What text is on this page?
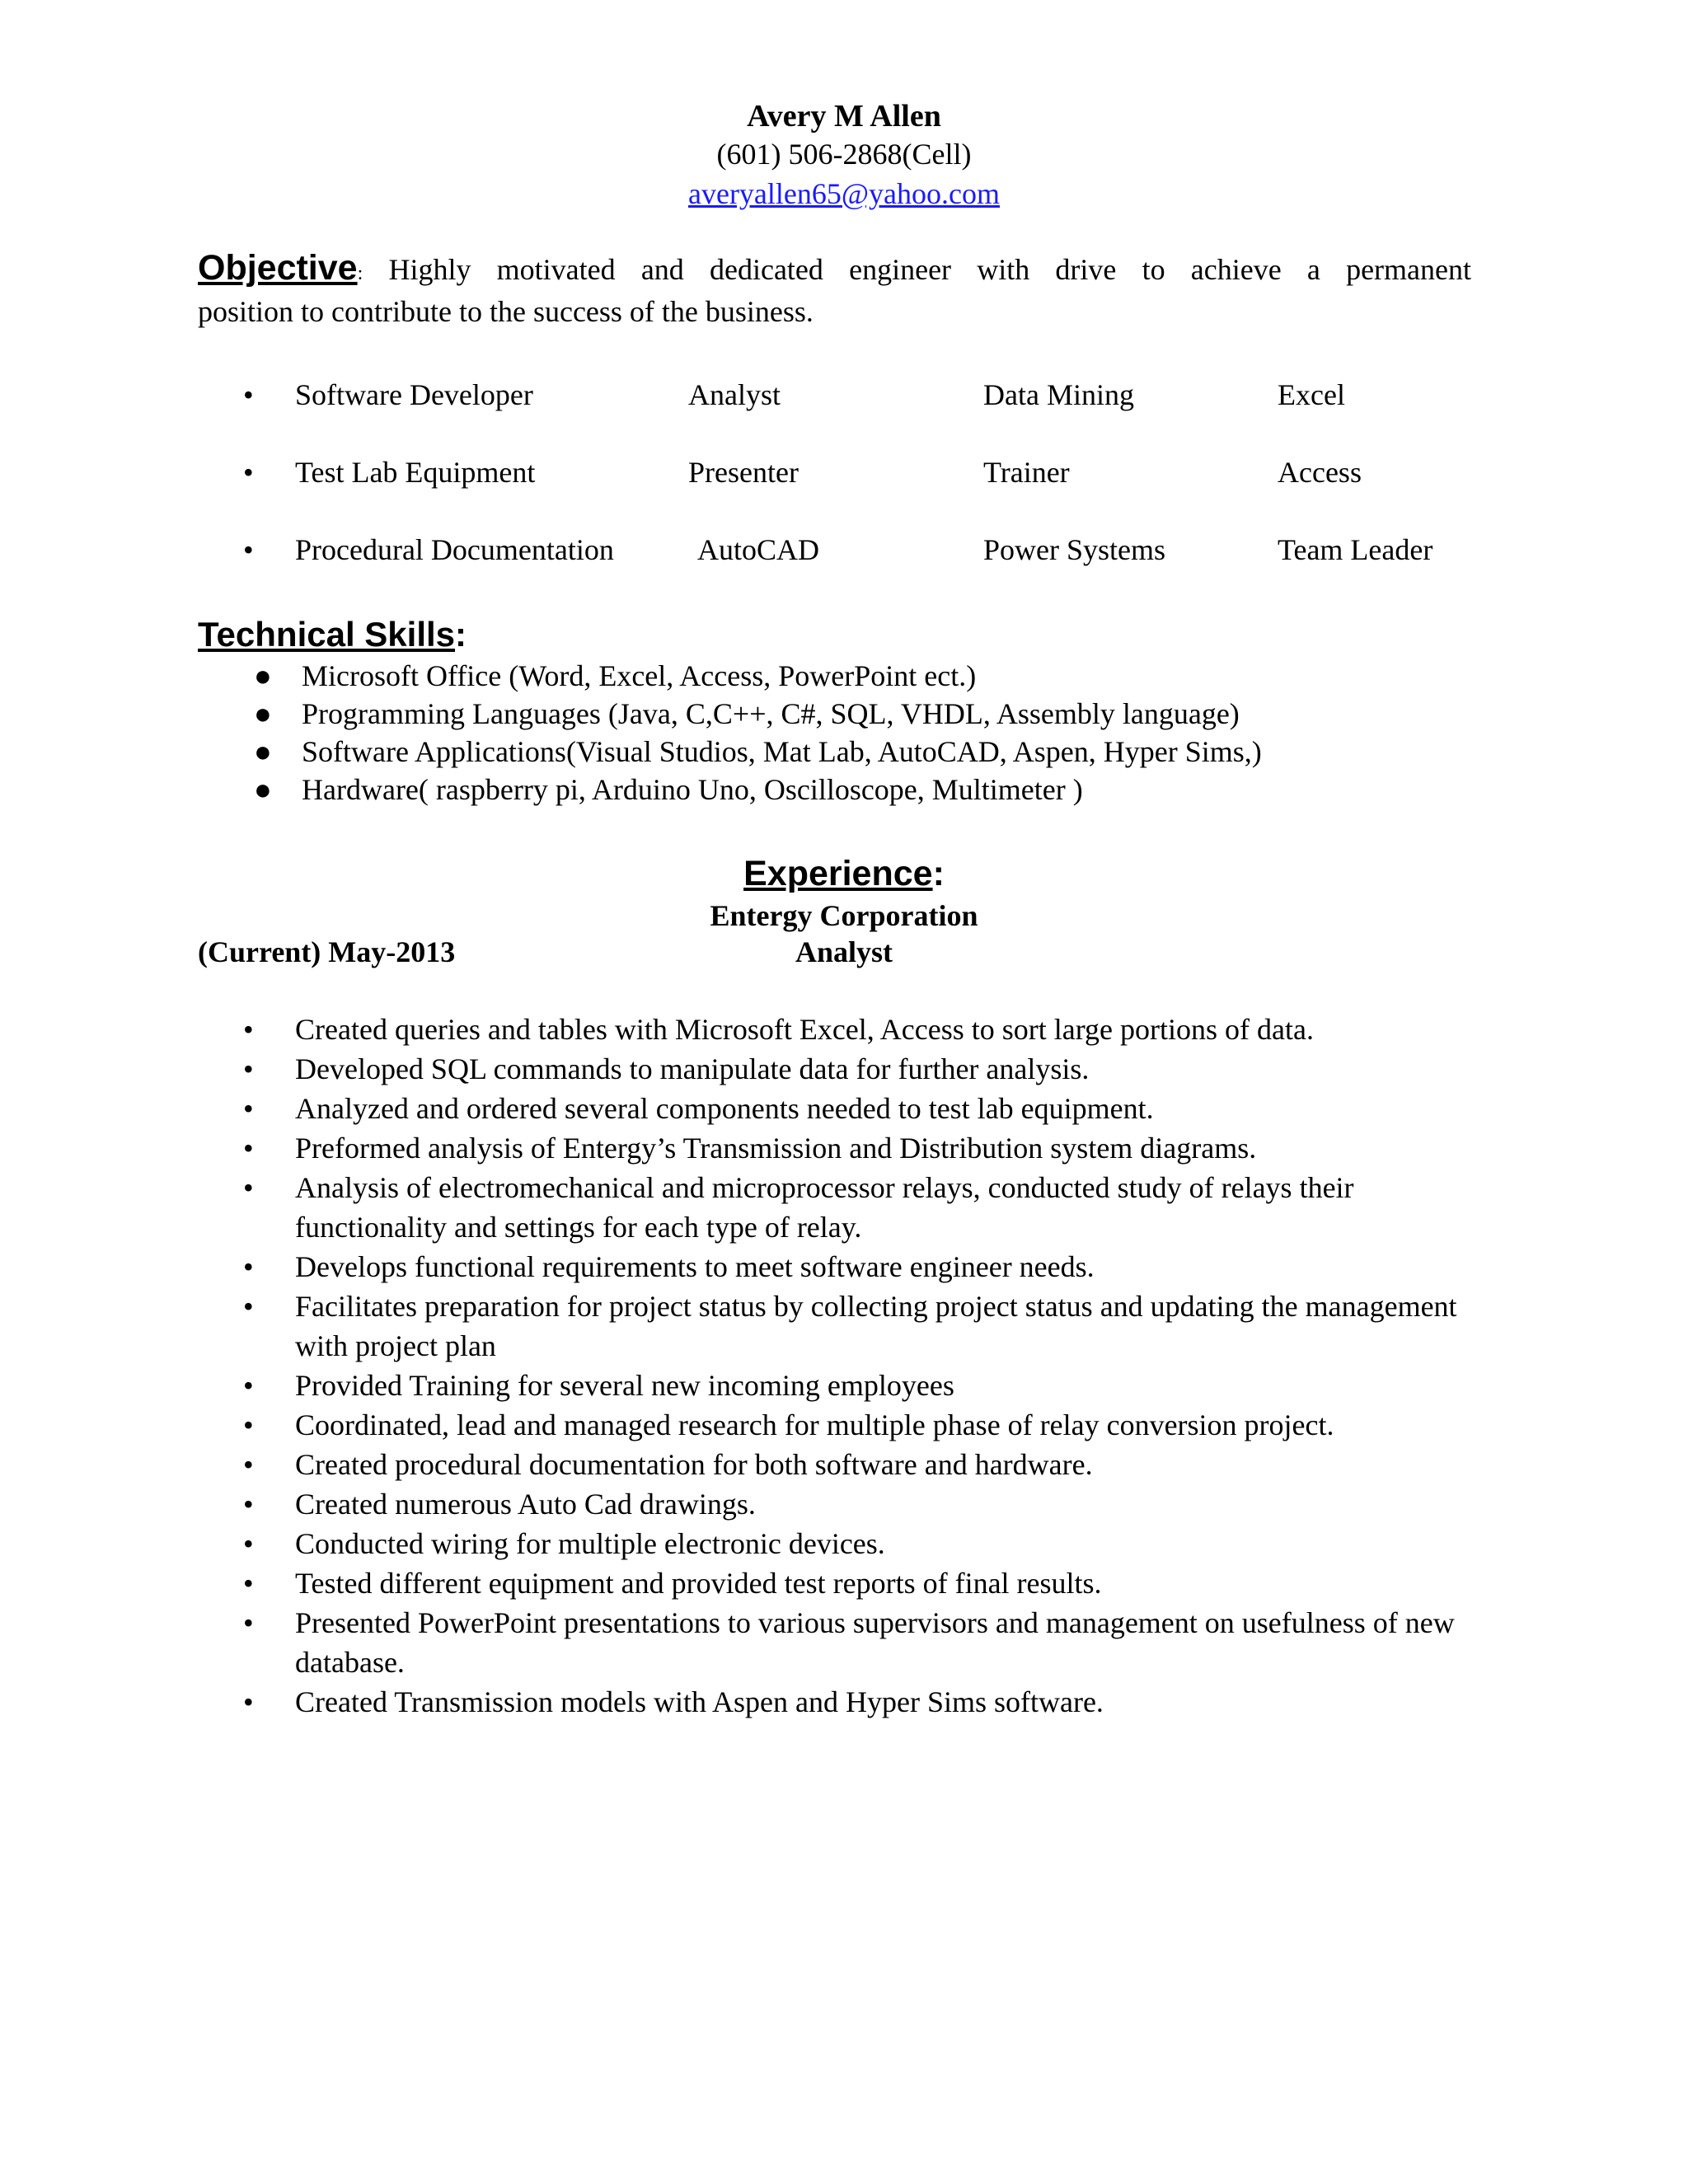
Avery M Allen
(601) 506-2868(Cell)
averyallen65@yahoo.com
Objective: Highly motivated and dedicated engineer with drive to achieve a permanent
position to contribute to the success of the business.
• Software Developer	Analyst	Data Mining	Excel
• Test Lab Equipment	Presenter	Trainer	Access
• Procedural Documentation	AutoCAD	Power Systems	Team Leader
Technical Skills:
● Microsoft Office (Word, Excel, Access, PowerPoint ect.)
● Programming Languages (Java, C,C++, C#, SQL, VHDL, Assembly language)
● Software Applications(Visual Studios, Mat Lab, AutoCAD, Aspen, Hyper Sims,)
● Hardware( raspberry pi, Arduino Uno, Oscilloscope, Multimeter )
Experience:
Entergy Corporation
(Current) May-2013	Analyst
• Created queries and tables with Microsoft Excel, Access to sort large portions of data.
• Developed SQL commands to manipulate data for further analysis.
• Analyzed and ordered several components needed to test lab equipment.
• Preformed analysis of Entergy’s Transmission and Distribution system diagrams.
• Analysis of electromechanical and microprocessor relays, conducted study of relays their functionality and settings for each type of relay.
• Develops functional requirements to meet software engineer needs.
• Facilitates preparation for project status by collecting project status and updating the management with project plan
• Provided Training for several new incoming employees
• Coordinated, lead and managed research for multiple phase of relay conversion project.
• Created procedural documentation for both software and hardware.
• Created numerous Auto Cad drawings.
• Conducted wiring for multiple electronic devices.
• Tested different equipment and provided test reports of final results.
• Presented PowerPoint presentations to various supervisors and management on usefulness of new database.
• Created Transmission models with Aspen and Hyper Sims software.
